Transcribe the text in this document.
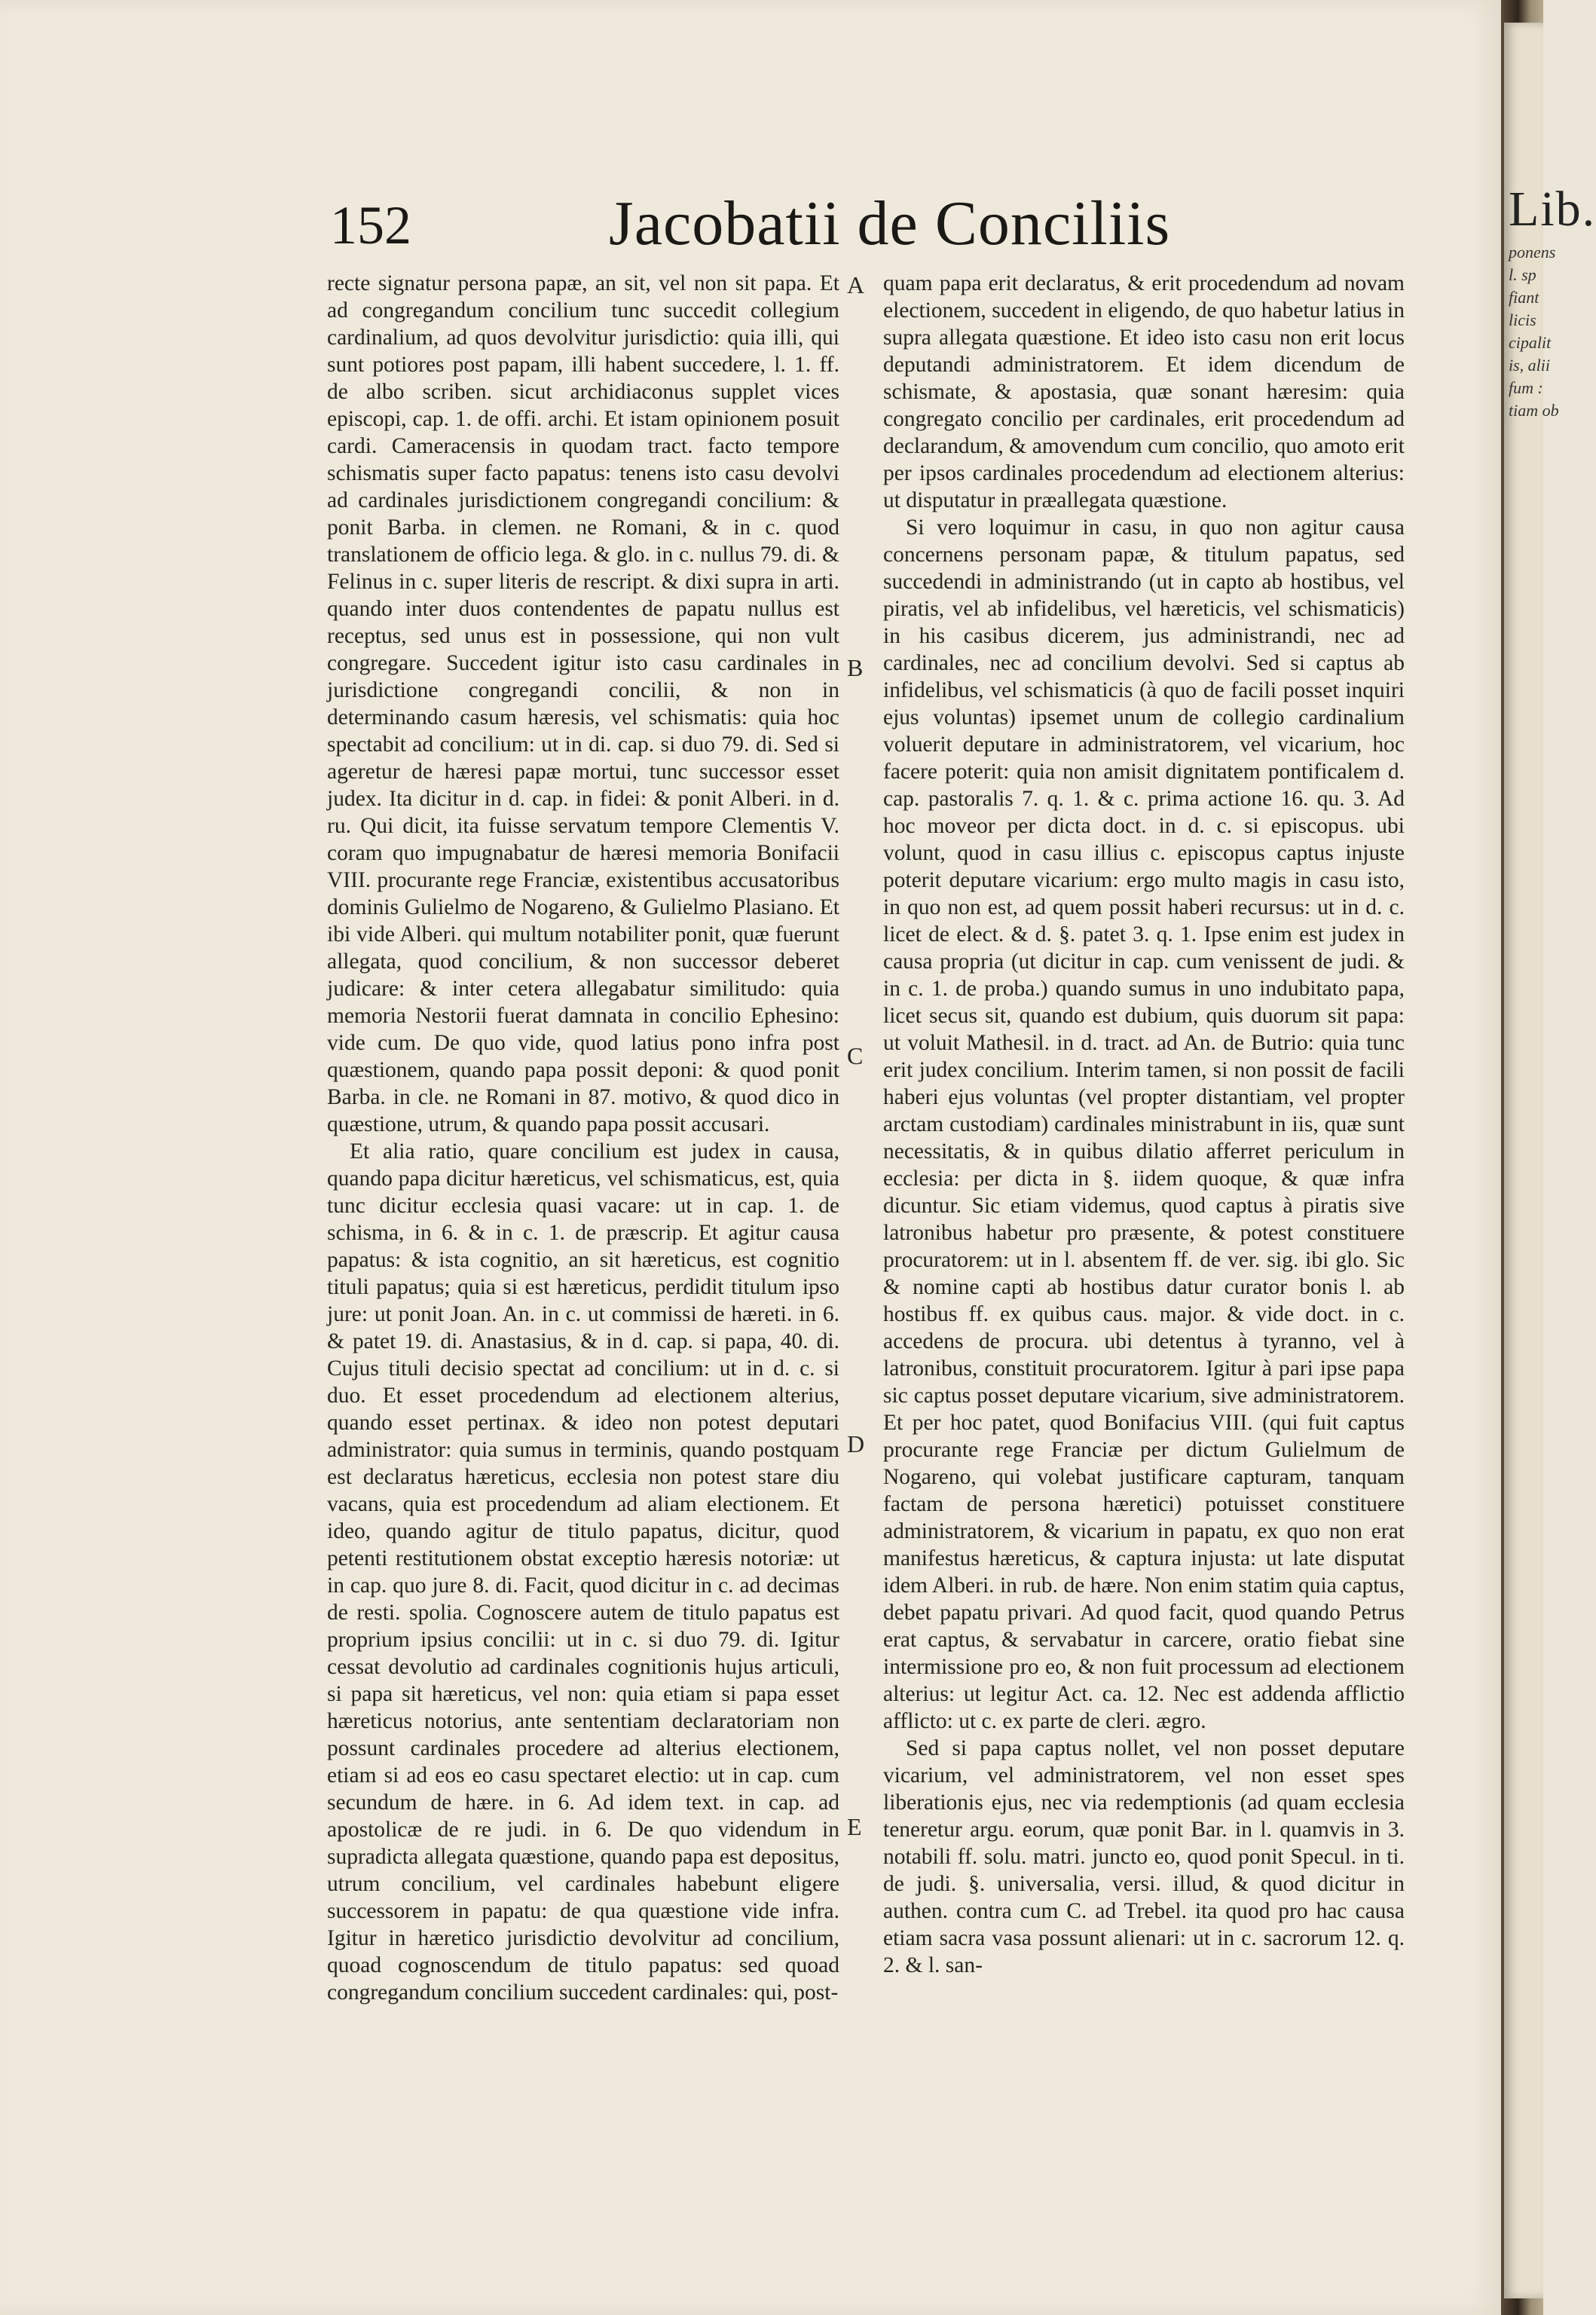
152	Jacobatii de Conciliis

recte signatur persona papæ, an sit, vel non sit papa. Et ad congregandum concilium tunc succedit collegium cardinalium, ad quos devolvitur jurisdictio: quia illi, qui sunt potiores post papam, illi habent succedere, l. 1. ff. de albo scriben. sicut archidiaconus supplet vices episcopi, cap. 1. de offi. archi. Et istam opinionem posuit cardi. Cameracensis in quodam tract. facto tempore schismatis super facto papatus: tenens isto casu devolvi ad cardinales jurisdictionem congregandi concilium: & ponit Barba. in clemen. ne Romani, & in c. quod translationem de officio lega. & glo. in c. nullus 79. di. & Felinus in c. super literis de rescript. & dixi supra in arti. quando inter duos contendentes de papatu nullus est receptus, sed unus est in possessione, qui non vult congregare. Succedent igitur isto casu cardinales in jurisdictione congregandi concilii, & non in determinando casum hæresis, vel schismatis: quia hoc spectabit ad concilium: ut in di. cap. si duo 79. di. Sed si ageretur de hæresi papæ mortui, tunc successor esset judex. Ita dicitur in d. cap. in fidei: & ponit Alberi. in d. ru. Qui dicit, ita fuisse servatum tempore Clementis V. coram quo impugnabatur de hæresi memoria Bonifacii VIII. procurante rege Franciæ, existentibus accusatoribus dominis Gulielmo de Nogareno, & Gulielmo Plasiano. Et ibi vide Alberi. qui multum notabiliter ponit, quæ fuerunt allegata, quod concilium, & non successor deberet judicare: & inter cetera allegabatur similitudo: quia memoria Nestorii fuerat damnata in concilio Ephesino: vide cum. De quo vide, quod latius pono infra post quæstionem, quando papa possit deponi: & quod ponit Barba. in cle. ne Romani in 87. motivo, & quod dico in quæstione, utrum, & quando papa possit accusari.

Et alia ratio, quare concilium est judex in causa, quando papa dicitur hæreticus, vel schismaticus, est, quia tunc dicitur ecclesia quasi vacare: ut in cap. 1. de schisma, in 6. & in c. 1. de præscrip. Et agitur causa papatus: & ista cognitio, an sit hæreticus, est cognitio tituli papatus; quia si est hæreticus, perdidit titulum ipso jure: ut ponit Joan. An. in c. ut commissi de hæreti. in 6. & patet 19. di. Anastasius, & in d. cap. si papa, 40. di. Cujus tituli decisio spectat ad concilium: ut in d. c. si duo. Et esset procedendum ad electionem alterius, quando esset pertinax. & ideo non potest deputari administrator: quia sumus in terminis, quando postquam est declaratus hæreticus, ecclesia non potest stare diu vacans, quia est procedendum ad aliam electionem. Et ideo, quando agitur de titulo papatus, dicitur, quod petenti restitutionem obstat exceptio hæresis notoriæ: ut in cap. quo jure 8. di. Facit, quod dicitur in c. ad decimas de resti. spolia. Cognoscere autem de titulo papatus est proprium ipsius concilii: ut in c. si duo 79. di. Igitur cessat devolutio ad cardinales cognitionis hujus articuli, si papa sit hæreticus, vel non: quia etiam si papa esset hæreticus notorius, ante sententiam declaratoriam non possunt cardinales procedere ad alterius electionem, etiam si ad eos eo casu spectaret electio: ut in cap. cum secundum de hære. in 6. Ad idem text. in cap. ad apostolicæ de re judi. in 6. De quo videndum in supradicta allegata quæstione, quando papa est depositus, utrum concilium, vel cardinales habebunt eligere successorem in papatu: de qua quæstione vide infra. Igitur in hæretico jurisdictio devolvitur ad concilium, quoad cognoscendum de titulo papatus: sed quoad congregandum concilium succedent cardinales: qui, post-

quam papa erit declaratus, & erit procedendum ad novam electionem, succedent in eligendo, de quo habetur latius in supra allegata quæstione. Et ideo isto casu non erit locus deputandi administratorem. Et idem dicendum de schismate, & apostasia, quæ sonant hæresim: quia congregato concilio per cardinales, erit procedendum ad declarandum, & amovendum cum concilio, quo amoto erit per ipsos cardinales procedendum ad electionem alterius: ut disputatur in præallegata quæstione.

Si vero loquimur in casu, in quo non agitur causa concernens personam papæ, & titulum papatus, sed succedendi in administrando (ut in capto ab hostibus, vel piratis, vel ab infidelibus, vel hæreticis, vel schismaticis) in his casibus dicerem, jus administrandi, nec ad cardinales, nec ad concilium devolvi. Sed si captus ab infidelibus, vel schismaticis (à quo de facili posset inquiri ejus voluntas) ipsemet unum de collegio cardinalium voluerit deputare in administratorem, vel vicarium, hoc facere poterit: quia non amisit dignitatem pontificalem d. cap. pastoralis 7. q. 1. & c. prima actione 16. qu. 3. Ad hoc moveor per dicta doct. in d. c. si episcopus. ubi volunt, quod in casu illius c. episcopus captus injuste poterit deputare vicarium: ergo multo magis in casu isto, in quo non est, ad quem possit haberi recursus: ut in d. c. licet de elect. & d. §. patet 3. q. 1. Ipse enim est judex in causa propria (ut dicitur in cap. cum venissent de judi. & in c. 1. de proba.) quando sumus in uno indubitato papa, licet secus sit, quando est dubium, quis duorum sit papa: ut voluit Mathesil. in d. tract. ad An. de Butrio: quia tunc erit judex concilium. Interim tamen, si non possit de facili haberi ejus voluntas (vel propter distantiam, vel propter arctam custodiam) cardinales ministrabunt in iis, quæ sunt necessitatis, & in quibus dilatio afferret periculum in ecclesia: per dicta in §. iidem quoque, & quæ infra dicuntur. Sic etiam videmus, quod captus à piratis sive latronibus habetur pro præsente, & potest constituere procuratorem: ut in l. absentem ff. de ver. sig. ibi glo. Sic & nomine capti ab hostibus datur curator bonis l. ab hostibus ff. ex quibus caus. major. & vide doct. in c. accedens de procura. ubi detentus à tyranno, vel à latronibus, constituit procuratorem. Igitur à pari ipse papa sic captus posset deputare vicarium, sive administratorem. Et per hoc patet, quod Bonifacius VIII. (qui fuit captus procurante rege Franciæ per dictum Gulielmum de Nogareno, qui volebat justificare capturam, tanquam factam de persona hæretici) potuisset constituere administratorem, & vicarium in papatu, ex quo non erat manifestus hæreticus, & captura injusta: ut late disputat idem Alberi. in rub. de hære. Non enim statim quia captus, debet papatu privari. Ad quod facit, quod quando Petrus erat captus, & servabatur in carcere, oratio fiebat sine intermissione pro eo, & non fuit processum ad electionem alterius: ut legitur Act. ca. 12. Nec est addenda afflictio afflicto: ut c. ex parte de cleri. ægro.

Sed si papa captus nollet, vel non posset deputare vicarium, vel administratorem, vel non esset spes liberationis ejus, nec via redemptionis (ad quam ecclesia teneretur argu. eorum, quæ ponit Bar. in l. quamvis in 3. notabili ff. solu. matri. juncto eo, quod ponit Specul. in ti. de judi. §. universalia, versi. illud, & quod dicitur in authen. contra cum C. ad Trebel. ita quod pro hac causa etiam sacra vasa possunt alienari: ut in c. sacrorum 12. q. 2. & l. san-

A
B
C
D
E
Lib.
ponens
l. sp
fiant
licis
cipalit
is, alii
fum :
tiam ob
